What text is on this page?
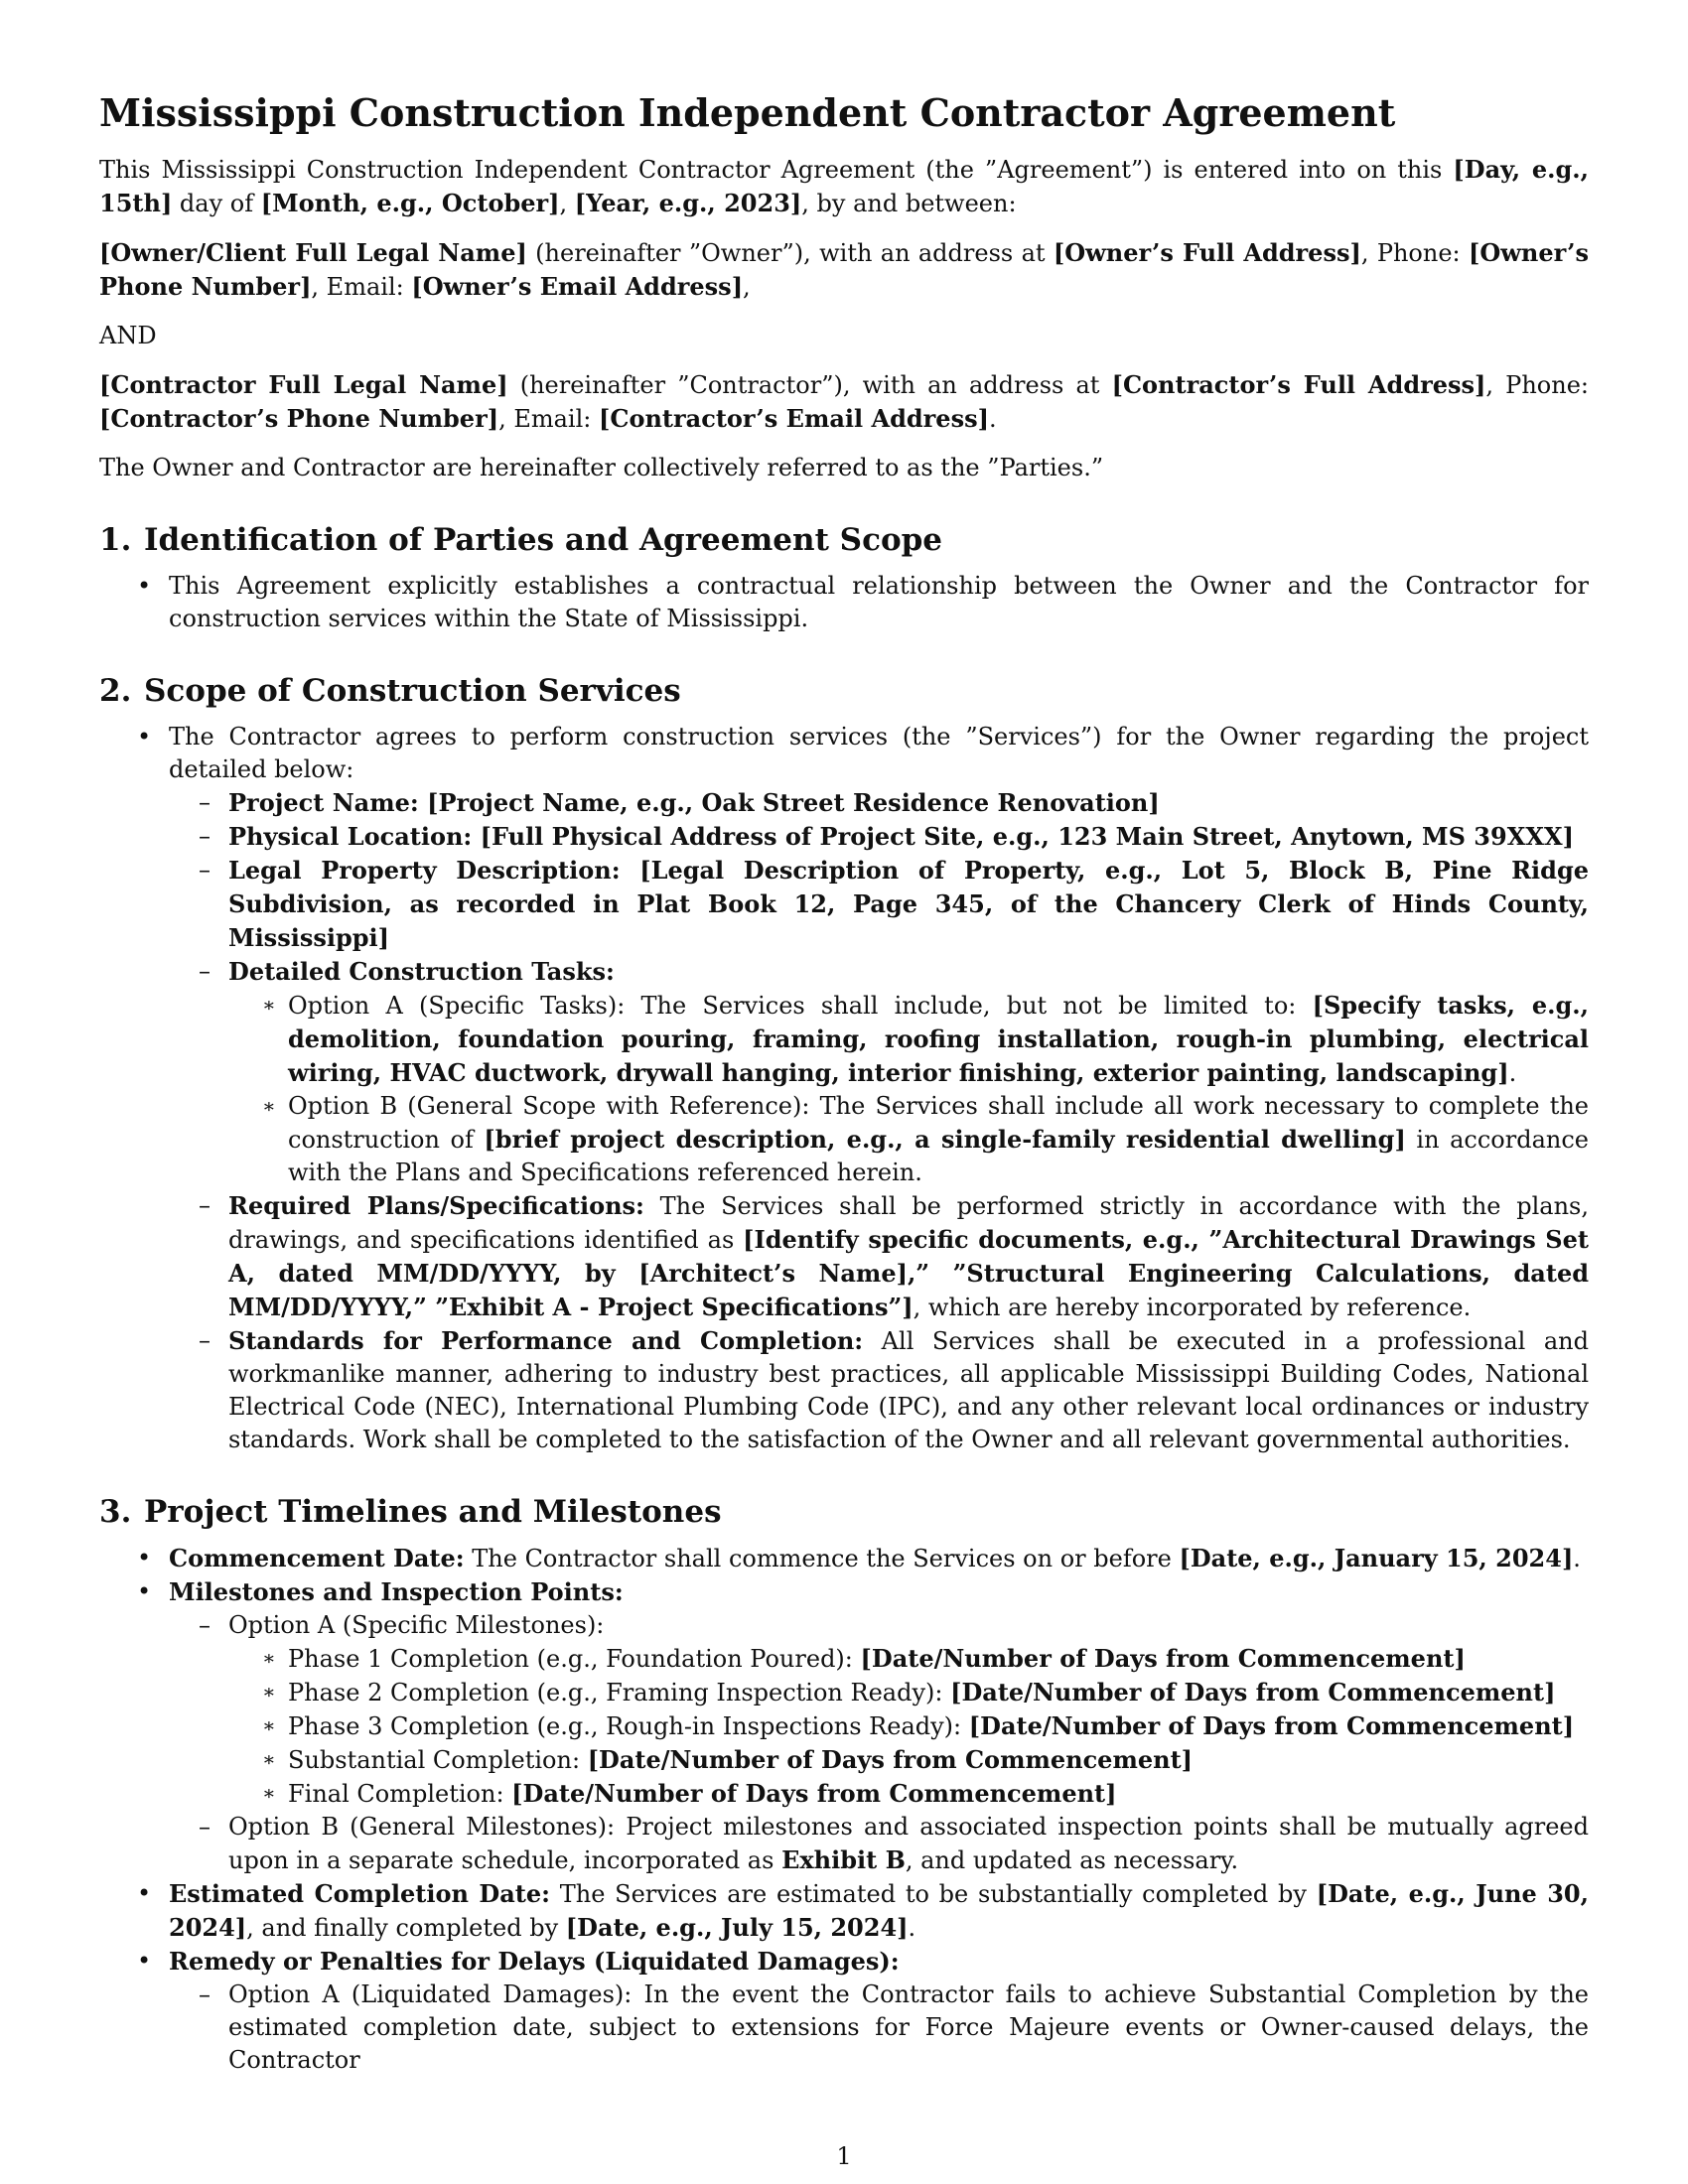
Mississippi Construction Independent Contractor Agreement

This Mississippi Construction Independent Contractor Agreement (the ”Agreement”) is entered into on this [Day, e.g., 15th] day of [Month, e.g., October], [Year, e.g., 2023], by and between:

[Owner/Client Full Legal Name] (hereinafter ”Owner”), with an address at [Owner’s Full Address], Phone: [Owner’s Phone Number], Email: [Owner’s Email Address],

AND

[Contractor Full Legal Name] (hereinafter ”Contractor”), with an address at [Contractor’s Full Address], Phone: [Contractor’s Phone Number], Email: [Contractor’s Email Address].

The Owner and Contractor are hereinafter collectively referred to as the ”Parties.”

1. Identification of Parties and Agreement Scope
• This Agreement explicitly establishes a contractual relationship between the Owner and the Contractor for construction services within the State of Mississippi.
2. Scope of Construction Services
• The Contractor agrees to perform construction services (the ”Services”) for the Owner regarding the project detailed below:
– Project Name: [Project Name, e.g., Oak Street Residence Renovation]
– Physical Location: [Full Physical Address of Project Site, e.g., 123 Main Street, Anytown, MS 39XXX]
– Legal Property Description: [Legal Description of Property, e.g., Lot 5, Block B, Pine Ridge Subdivision, as recorded in Plat Book 12, Page 345, of the Chancery Clerk of Hinds County, Mississippi]
– Detailed Construction Tasks:
∗ Option A (Specific Tasks): The Services shall include, but not be limited to: [Specify tasks, e.g., demolition, foundation pouring, framing, roofing installation, rough-in plumbing, electrical wiring, HVAC ductwork, drywall hanging, interior finishing, exterior painting, landscaping].
∗ Option B (General Scope with Reference): The Services shall include all work necessary to complete the construction of [brief project description, e.g., a single-family residential dwelling] in accordance with the Plans and Specifications referenced herein.
– Required Plans/Specifications: The Services shall be performed strictly in accordance with the plans, drawings, and specifications identified as [Identify specific documents, e.g., ”Architectural Drawings Set A, dated MM/DD/YYYY, by [Architect’s Name],” ”Structural Engineering Calculations, dated MM/DD/YYYY,” ”Exhibit A - Project Specifications”], which are hereby incorporated by reference.
– Standards for Performance and Completion: All Services shall be executed in a professional and workmanlike manner, adhering to industry best practices, all applicable Mississippi Building Codes, National Electrical Code (NEC), International Plumbing Code (IPC), and any other relevant local ordinances or industry standards. Work shall be completed to the satisfaction of the Owner and all relevant governmental authorities.
3. Project Timelines and Milestones
• Commencement Date: The Contractor shall commence the Services on or before [Date, e.g., January 15, 2024].
• Milestones and Inspection Points:
– Option A (Specific Milestones):
∗ Phase 1 Completion (e.g., Foundation Poured): [Date/Number of Days from Commencement]
∗ Phase 2 Completion (e.g., Framing Inspection Ready): [Date/Number of Days from Commencement]
∗ Phase 3 Completion (e.g., Rough-in Inspections Ready): [Date/Number of Days from Commencement]
∗ Substantial Completion: [Date/Number of Days from Commencement]
∗ Final Completion: [Date/Number of Days from Commencement]
– Option B (General Milestones): Project milestones and associated inspection points shall be mutually agreed upon in a separate schedule, incorporated as Exhibit B, and updated as necessary.
• Estimated Completion Date: The Services are estimated to be substantially completed by [Date, e.g., June 30, 2024], and finally completed by [Date, e.g., July 15, 2024].
• Remedy or Penalties for Delays (Liquidated Damages):
– Option A (Liquidated Damages): In the event the Contractor fails to achieve Substantial Completion by the estimated completion date, subject to extensions for Force Majeure events or Owner-caused delays, the Contractor
1
